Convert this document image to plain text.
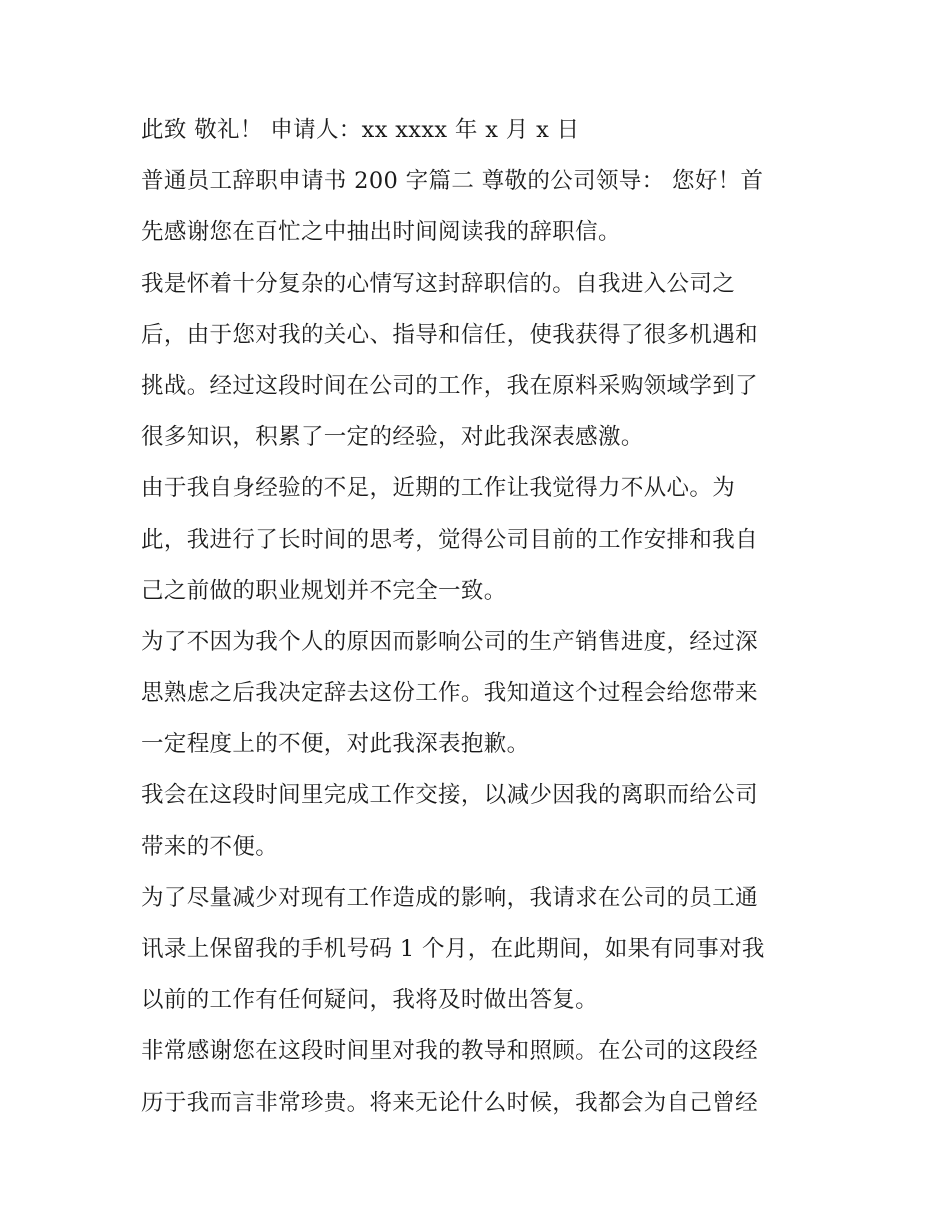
此致 敬礼！ 申请人：xx xxxx 年 x 月 x 日
普通员工辞职申请书 200 字篇二 尊敬的公司领导： 您好！首
先感谢您在百忙之中抽出时间阅读我的辞职信。
我是怀着十分复杂的心情写这封辞职信的。自我进入公司之
后，由于您对我的关心、指导和信任，使我获得了很多机遇和
挑战。经过这段时间在公司的工作，我在原料采购领域学到了
很多知识，积累了一定的经验，对此我深表感激。
由于我自身经验的不足，近期的工作让我觉得力不从心。为
此，我进行了长时间的思考，觉得公司目前的工作安排和我自
己之前做的职业规划并不完全一致。
为了不因为我个人的原因而影响公司的生产销售进度，经过深
思熟虑之后我决定辞去这份工作。我知道这个过程会给您带来
一定程度上的不便，对此我深表抱歉。
我会在这段时间里完成工作交接，以减少因我的离职而给公司
带来的不便。
为了尽量减少对现有工作造成的影响，我请求在公司的员工通
讯录上保留我的手机号码 1 个月，在此期间，如果有同事对我
以前的工作有任何疑问，我将及时做出答复。
非常感谢您在这段时间里对我的教导和照顾。在公司的这段经
历于我而言非常珍贵。将来无论什么时候，我都会为自己曾经
